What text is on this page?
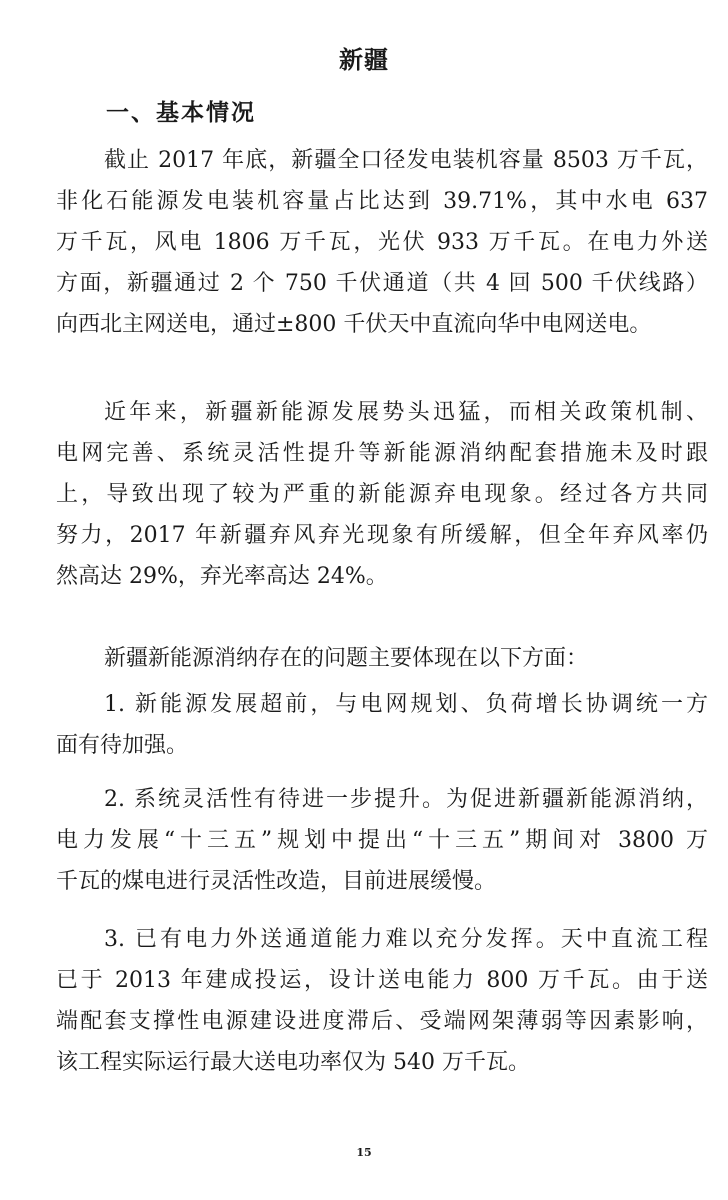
新疆
一、基本情况
截止 2017 年底，新疆全口径发电装机容量 8503 万千瓦，
非化石能源发电装机容量占比达到 39.71%，其中水电 637
万千瓦，风电 1806 万千瓦，光伏 933 万千瓦。在电力外送
方面，新疆通过 2 个 750 千伏通道（共 4 回 500 千伏线路）
向西北主网送电，通过±800 千伏天中直流向华中电网送电。
近年来，新疆新能源发展势头迅猛，而相关政策机制、
电网完善、系统灵活性提升等新能源消纳配套措施未及时跟
上，导致出现了较为严重的新能源弃电现象。经过各方共同
努力，2017 年新疆弃风弃光现象有所缓解，但全年弃风率仍
然高达 29%，弃光率高达 24%。
新疆新能源消纳存在的问题主要体现在以下方面：
1. 新能源发展超前，与电网规划、负荷增长协调统一方
面有待加强。
2. 系统灵活性有待进一步提升。为促进新疆新能源消纳，
电力发展“十三五”规划中提出“十三五”期间对 3800 万
千瓦的煤电进行灵活性改造，目前进展缓慢。
3. 已有电力外送通道能力难以充分发挥。天中直流工程
已于 2013 年建成投运，设计送电能力 800 万千瓦。由于送
端配套支撑性电源建设进度滞后、受端网架薄弱等因素影响，
该工程实际运行最大送电功率仅为 540 万千瓦。
15
